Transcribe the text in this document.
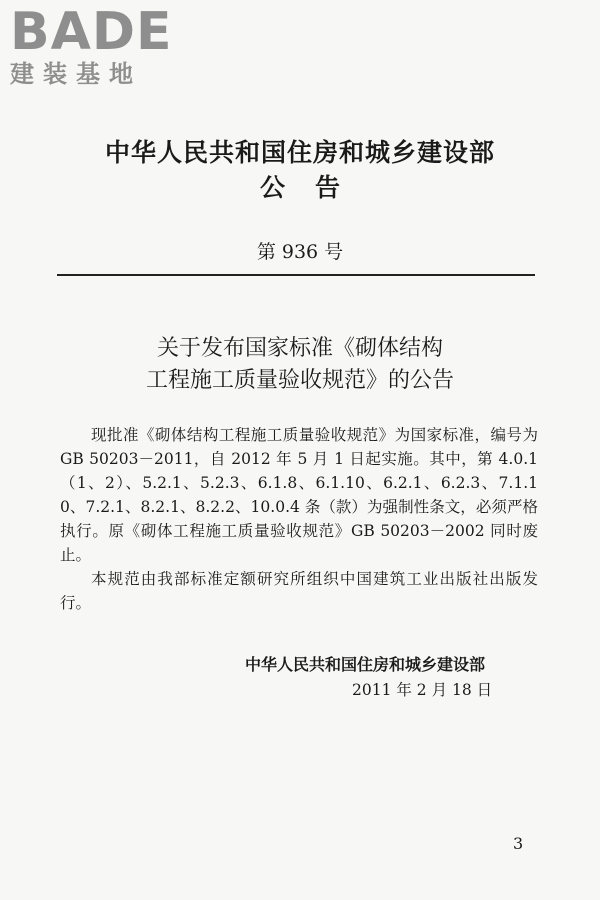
BADE
建装基地
中华人民共和国住房和城乡建设部
公告
第 936 号
关于发布国家标准《砌体结构
工程施工质量验收规范》的公告

现批准《砌体结构工程施工质量验收规范》为国家标准，编号为 GB 50203－2011，自 2012 年 5 月 1 日起实施。其中，第 4.0.1（1、2）、5.2.1、5.2.3、6.1.8、6.1.10、6.2.1、6.2.3、7.1.10、7.2.1、8.2.1、8.2.2、10.0.4 条（款）为强制性条文，必须严格执行。原《砌体工程施工质量验收规范》GB 50203－2002 同时废止。

本规范由我部标准定额研究所组织中国建筑工业出版社出版发行。

中华人民共和国住房和城乡建设部
2011 年 2 月 18 日
3
